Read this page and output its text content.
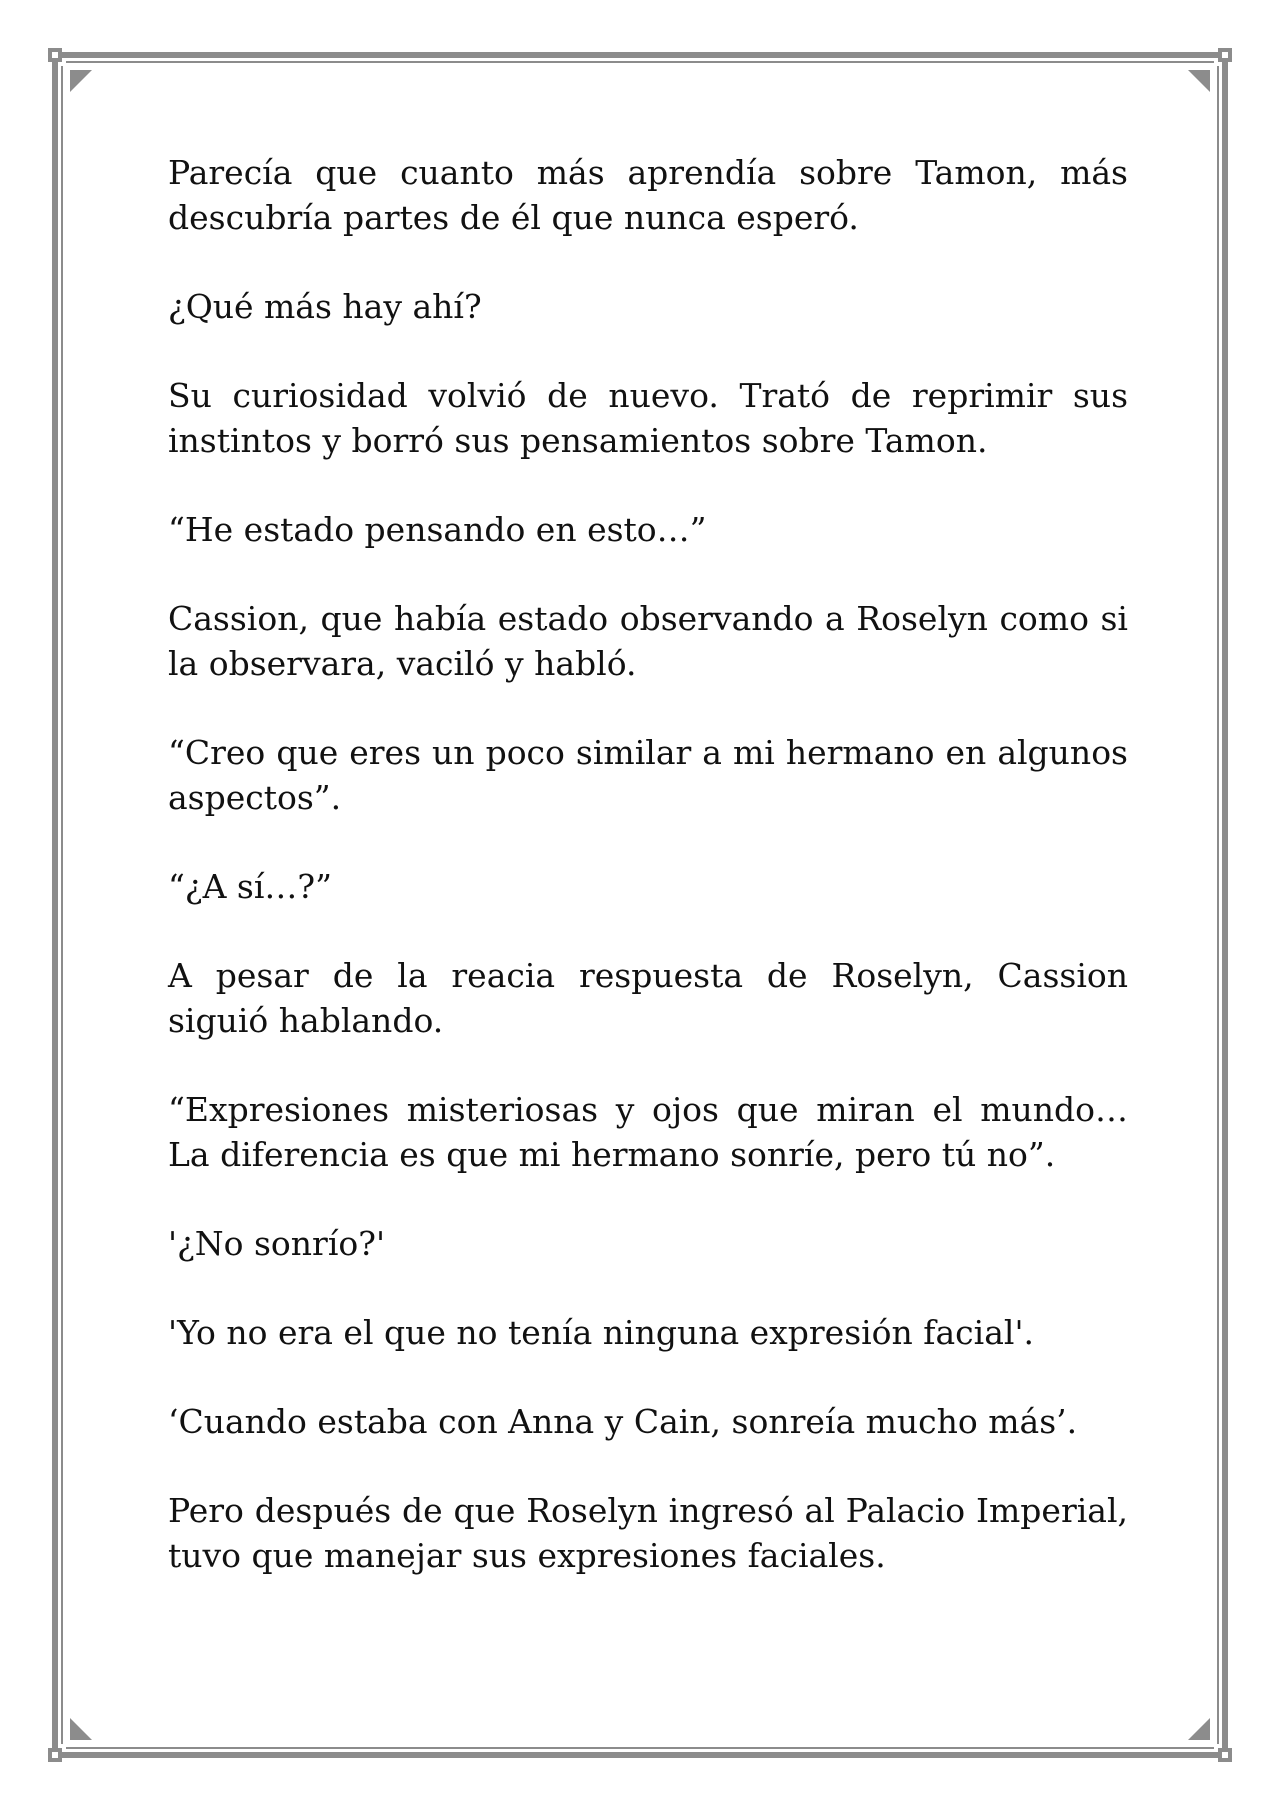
Parecía que cuanto más aprendía sobre Tamon, más descubría partes de él que nunca esperó.

¿Qué más hay ahí?

Su curiosidad volvió de nuevo. Trató de reprimir sus instintos y borró sus pensamientos sobre Tamon.

“He estado pensando en esto…”

Cassion, que había estado observando a Roselyn como si la observara, vaciló y habló.

“Creo que eres un poco similar a mi hermano en algunos aspectos”.

“¿A sí…?”

A pesar de la reacia respuesta de Roselyn, Cassion siguió hablando.

“Expresiones misteriosas y ojos que miran el mundo… La diferencia es que mi hermano sonríe, pero tú no”.

'¿No sonrío?'

'Yo no era el que no tenía ninguna expresión facial'.

‘Cuando estaba con Anna y Cain, sonreía mucho más’.

Pero después de que Roselyn ingresó al Palacio Imperial, tuvo que manejar sus expresiones faciales.
